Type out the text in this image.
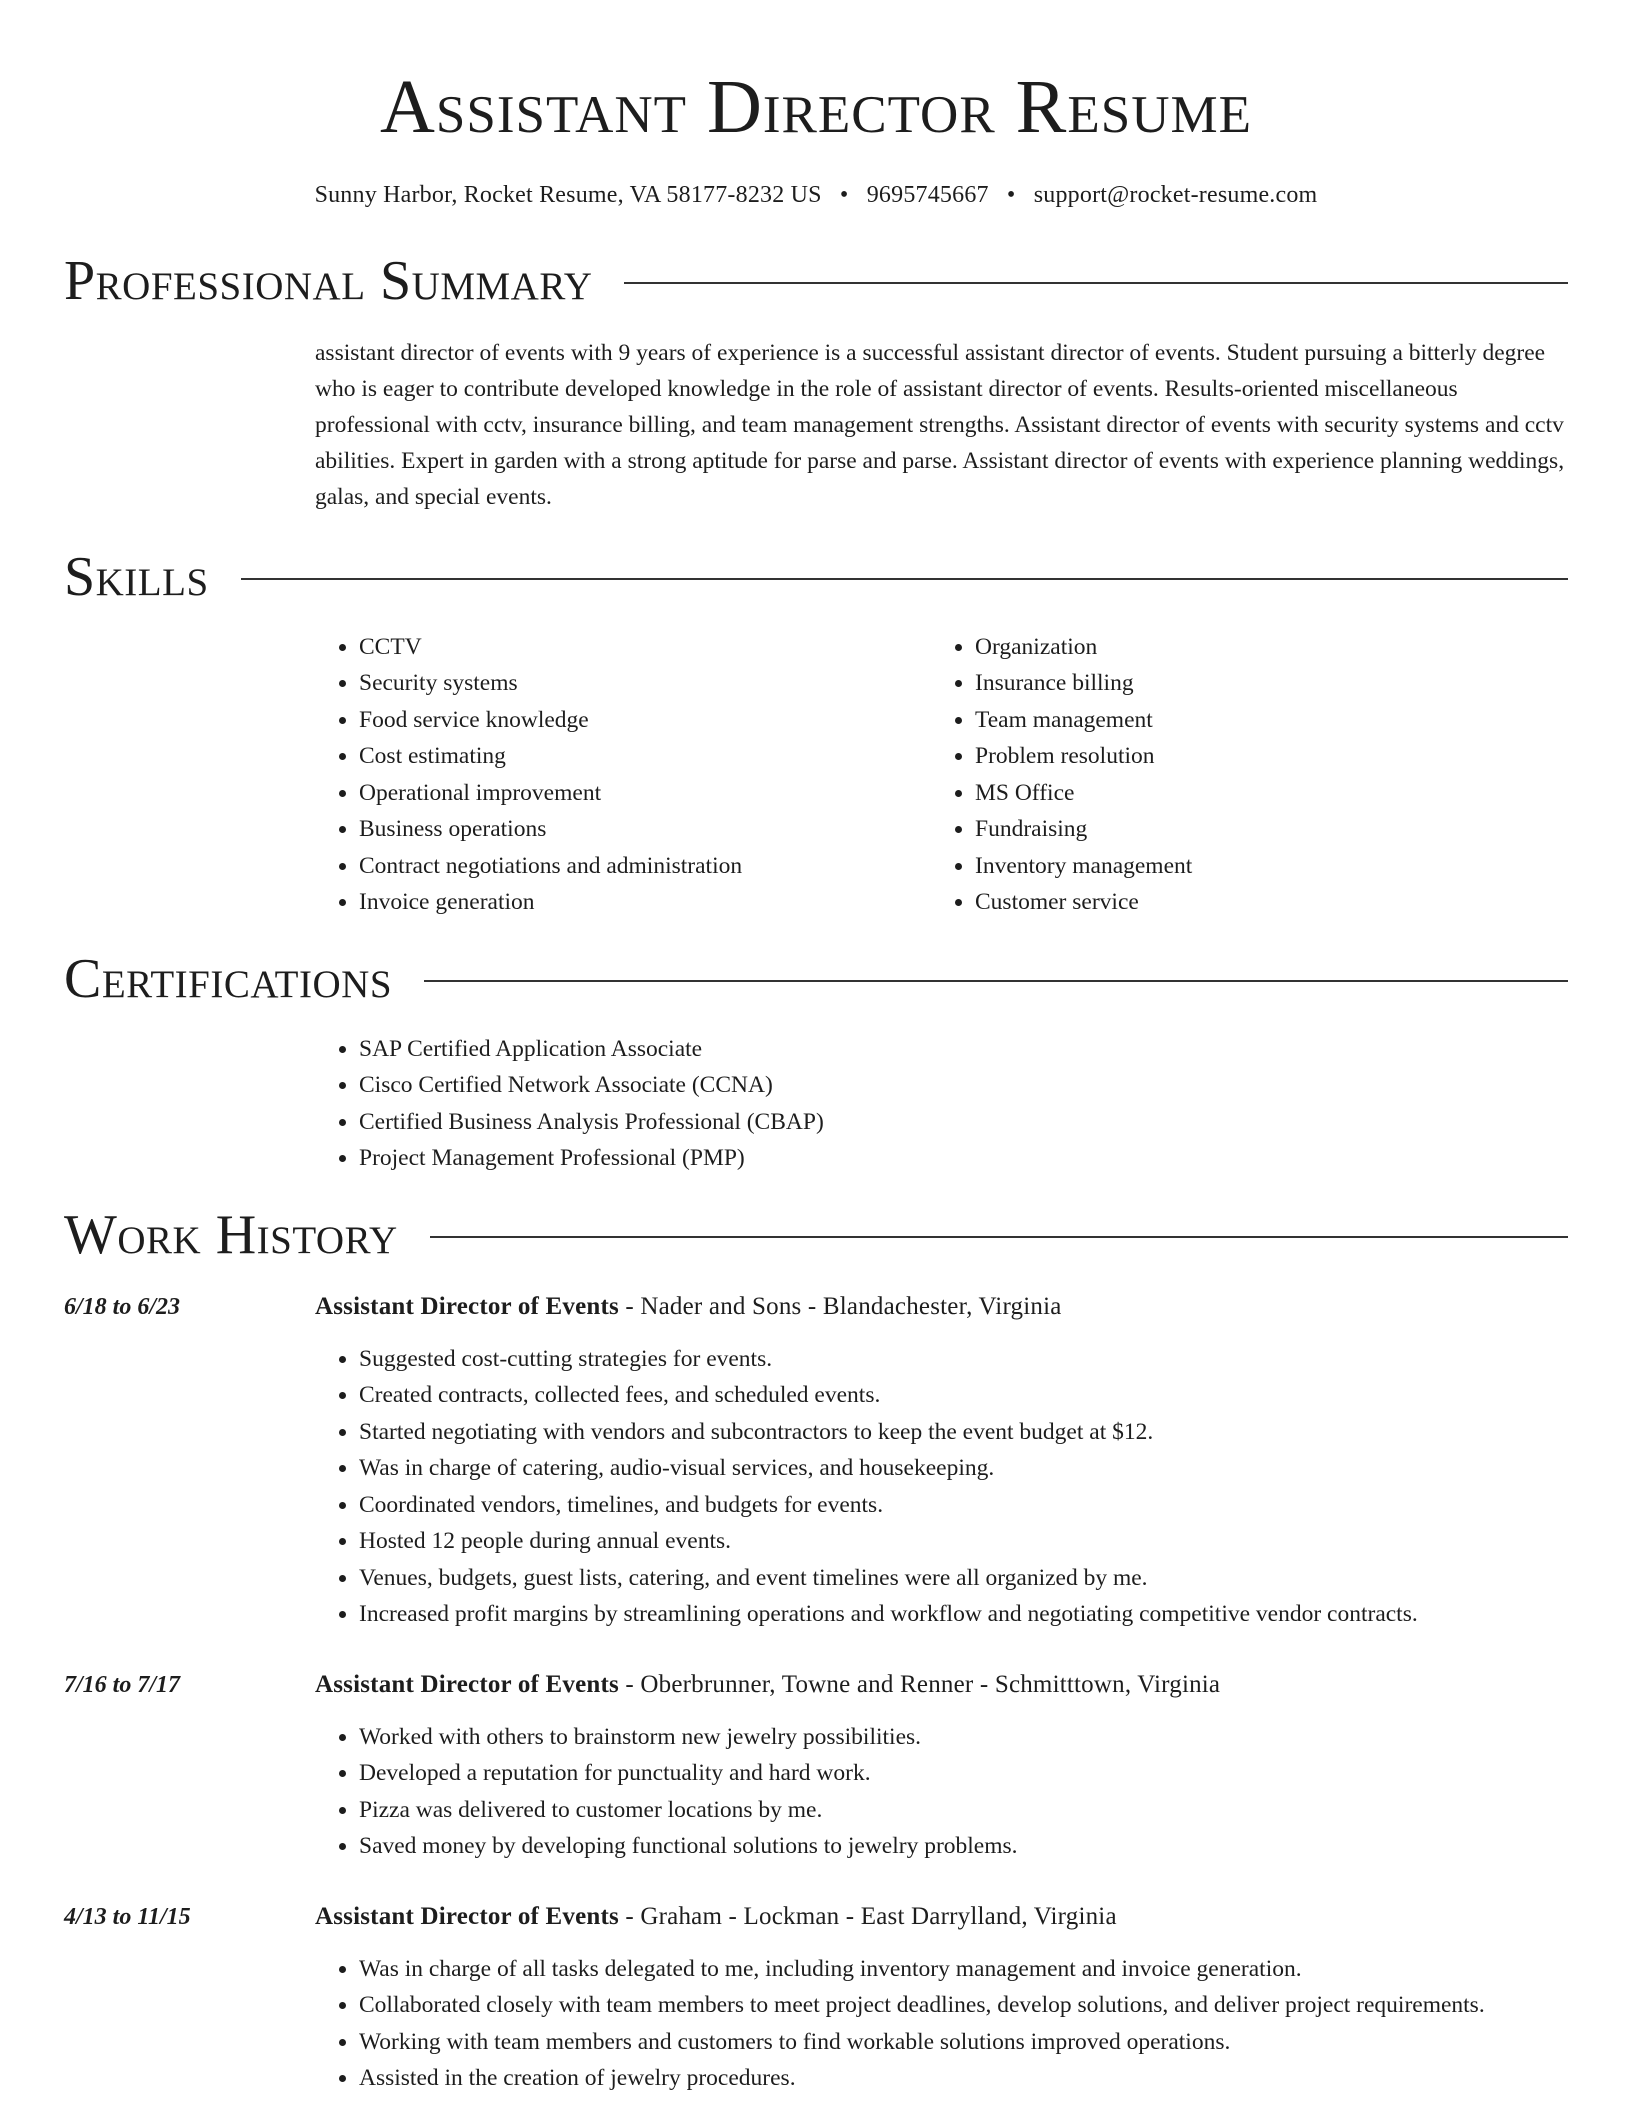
Assistant Director Resume
Sunny Harbor, Rocket Resume, VA 58177-8232 US • 9695745667 • support@rocket-resume.com
Professional Summary
assistant director of events with 9 years of experience is a successful assistant director of events. Student pursuing a bitterly degree who is eager to contribute developed knowledge in the role of assistant director of events. Results-oriented miscellaneous professional with cctv, insurance billing, and team management strengths. Assistant director of events with security systems and cctv abilities. Expert in garden with a strong aptitude for parse and parse. Assistant director of events with experience planning weddings, galas, and special events.
Skills
• CCTV
• Security systems
• Food service knowledge
• Cost estimating
• Operational improvement
• Business operations
• Contract negotiations and administration
• Invoice generation
• Organization
• Insurance billing
• Team management
• Problem resolution
• MS Office
• Fundraising
• Inventory management
• Customer service
Certifications
• SAP Certified Application Associate
• Cisco Certified Network Associate (CCNA)
• Certified Business Analysis Professional (CBAP)
• Project Management Professional (PMP)
Work History
6/18 to 6/23	Assistant Director of Events - Nader and Sons - Blandachester, Virginia
• Suggested cost-cutting strategies for events.
• Created contracts, collected fees, and scheduled events.
• Started negotiating with vendors and subcontractors to keep the event budget at $12.
• Was in charge of catering, audio-visual services, and housekeeping.
• Coordinated vendors, timelines, and budgets for events.
• Hosted 12 people during annual events.
• Venues, budgets, guest lists, catering, and event timelines were all organized by me.
• Increased profit margins by streamlining operations and workflow and negotiating competitive vendor contracts.
7/16 to 7/17	Assistant Director of Events - Oberbrunner, Towne and Renner - Schmitttown, Virginia
• Worked with others to brainstorm new jewelry possibilities.
• Developed a reputation for punctuality and hard work.
• Pizza was delivered to customer locations by me.
• Saved money by developing functional solutions to jewelry problems.
4/13 to 11/15	Assistant Director of Events - Graham - Lockman - East Darrylland, Virginia
• Was in charge of all tasks delegated to me, including inventory management and invoice generation.
• Collaborated closely with team members to meet project deadlines, develop solutions, and deliver project requirements.
• Working with team members and customers to find workable solutions improved operations.
• Assisted in the creation of jewelry procedures.
